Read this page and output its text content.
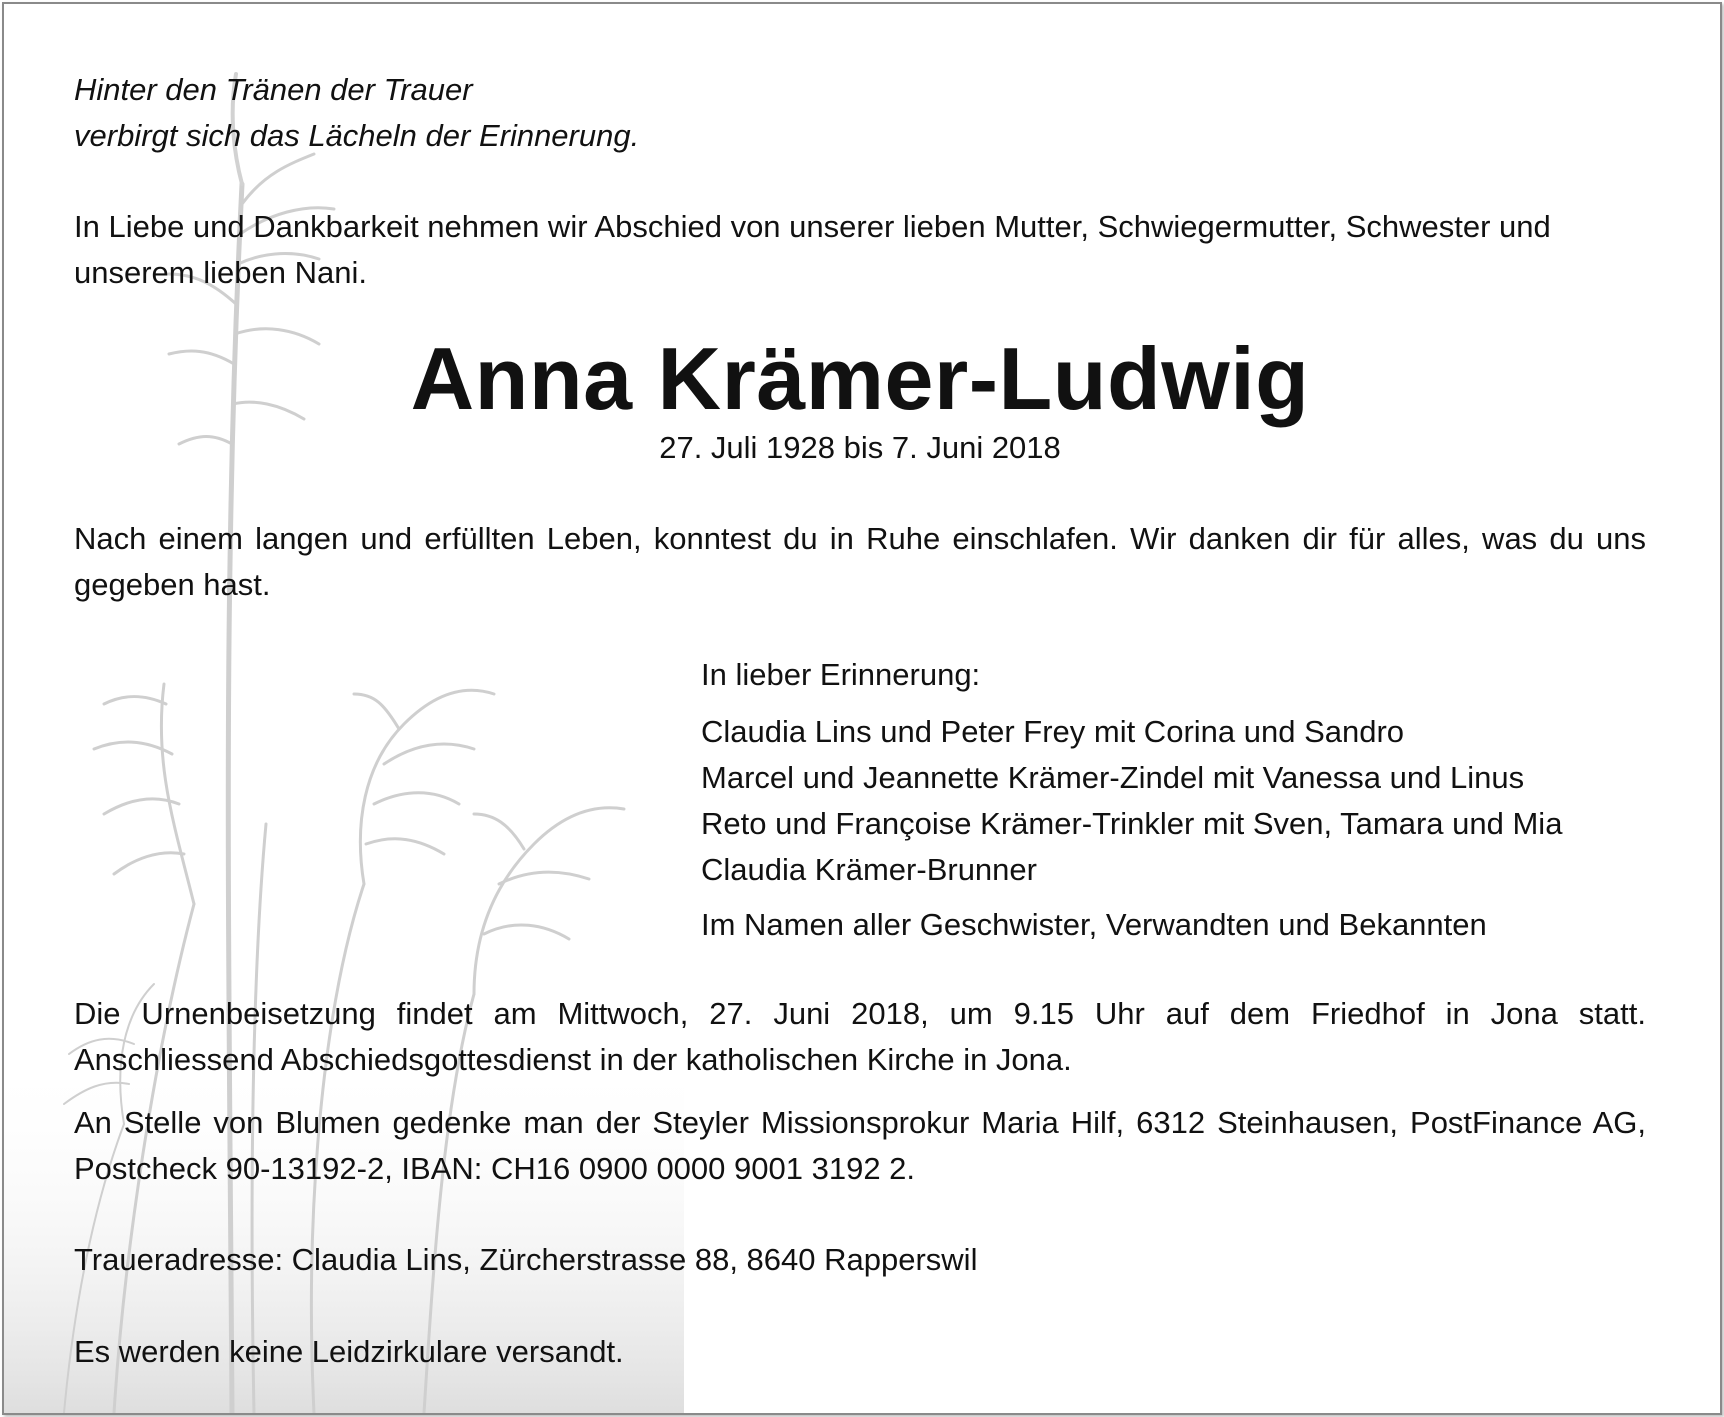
Hinter den Tränen der Trauer
verbirgt sich das Lächeln der Erinnerung.

In Liebe und Dankbarkeit nehmen wir Abschied von unserer lieben Mutter, Schwiegermutter, Schwester und unserem lieben Nani.

Anna Krämer-Ludwig

27. Juli 1928 bis 7. Juni 2018

Nach einem langen und erfüllten Leben, konntest du in Ruhe einschlafen. Wir danken dir für alles, was du uns gegeben hast.

In lieber Erinnerung:

Claudia Lins und Peter Frey mit Corina und Sandro
Marcel und Jeannette Krämer-Zindel mit Vanessa und Linus
Reto und Françoise Krämer-Trinkler mit Sven, Tamara und Mia
Claudia Krämer-Brunner

Im Namen aller Geschwister, Verwandten und Bekannten

Die Urnenbeisetzung findet am Mittwoch, 27. Juni 2018, um 9.15 Uhr auf dem Friedhof in Jona statt. Anschliessend Abschiedsgottesdienst in der katholischen Kirche in Jona.

An Stelle von Blumen gedenke man der Steyler Missionsprokur Maria Hilf, 6312 Steinhausen, PostFinance AG, Postcheck 90-13192-2, IBAN: CH16 0900 0000 9001 3192 2.

Traueradresse: Claudia Lins, Zürcherstrasse 88, 8640 Rapperswil

Es werden keine Leidzirkulare versandt.
